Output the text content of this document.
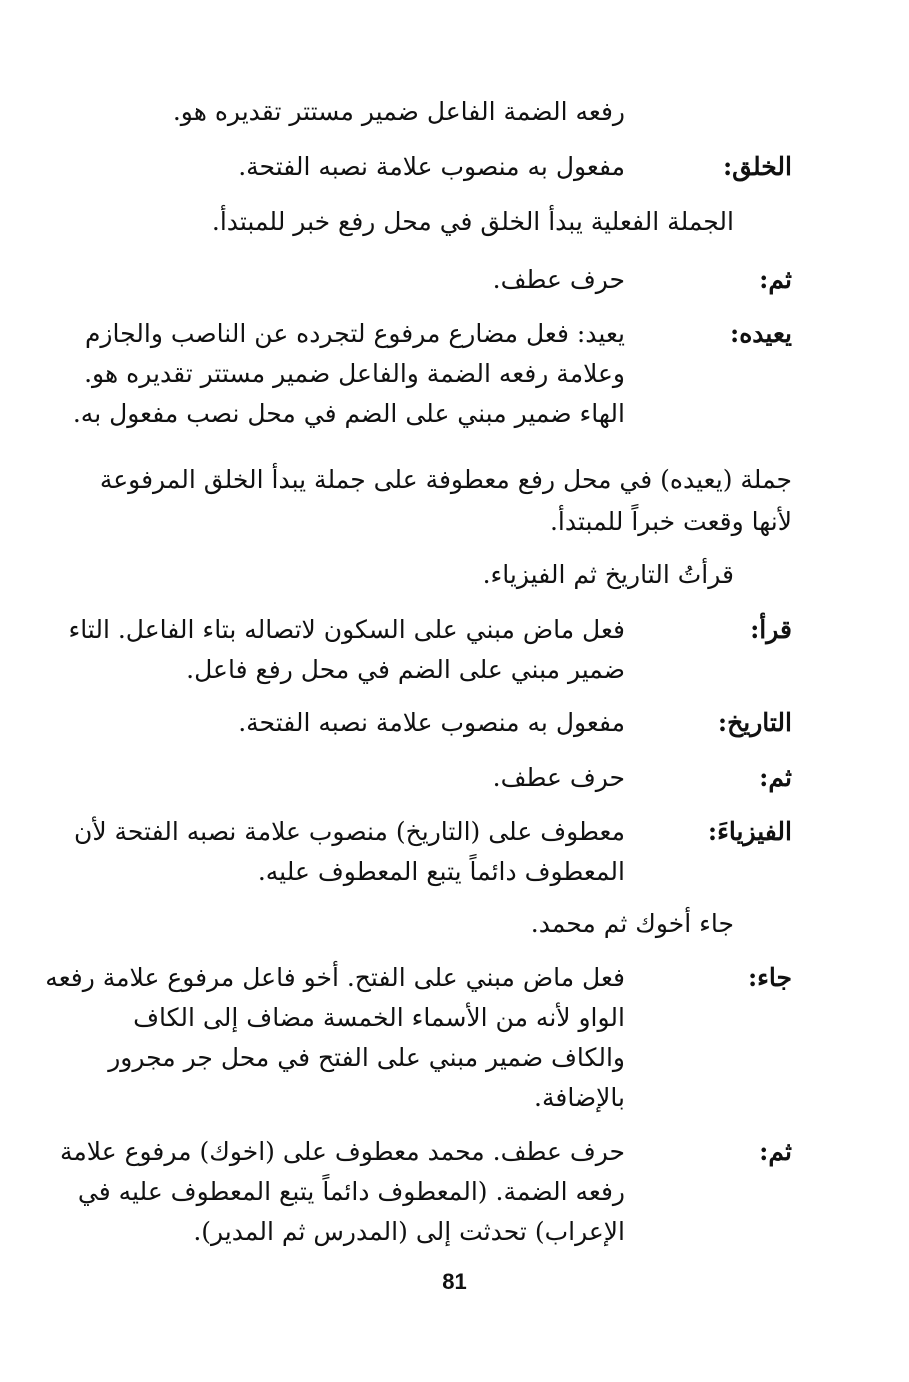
رفعه الضمة الفاعل ضمير مستتر تقديره هو.
الخلق:
مفعول به منصوب علامة نصبه الفتحة.
الجملة الفعلية يبدأ الخلق في محل رفع خبر للمبتدأ.
ثم:
حرف عطف.
يعيده:
يعيد: فعل مضارع مرفوع لتجرده عن الناصب والجازم
وعلامة رفعه الضمة والفاعل ضمير مستتر تقديره هو.
الهاء ضمير مبني على الضم في محل نصب مفعول به.
جملة (يعيده) في محل رفع معطوفة على جملة يبدأ الخلق المرفوعة
لأنها وقعت خبراً للمبتدأ.
قرأتُ التاريخ ثم الفيزياء.
قرأ:
فعل ماض مبني على السكون لاتصاله بتاء الفاعل. التاء
ضمير مبني على الضم في محل رفع فاعل.
التاريخ:
مفعول به منصوب علامة نصبه الفتحة.
ثم:
حرف عطف.
الفيزياءَ:
معطوف على (التاريخ) منصوب علامة نصبه الفتحة لأن
المعطوف دائماً يتبع المعطوف عليه.
جاء أخوك ثم محمد.
جاء:
فعل ماض مبني على الفتح. أخو فاعل مرفوع علامة رفعه
الواو لأنه من الأسماء الخمسة مضاف إلى الكاف
والكاف ضمير مبني على الفتح في محل جر مجرور
بالإضافة.
ثم:
حرف عطف. محمد معطوف على (اخوك) مرفوع علامة
رفعه الضمة. (المعطوف دائماً يتبع المعطوف عليه في
الإعراب) تحدثت إلى (المدرس ثم المدير).
81
